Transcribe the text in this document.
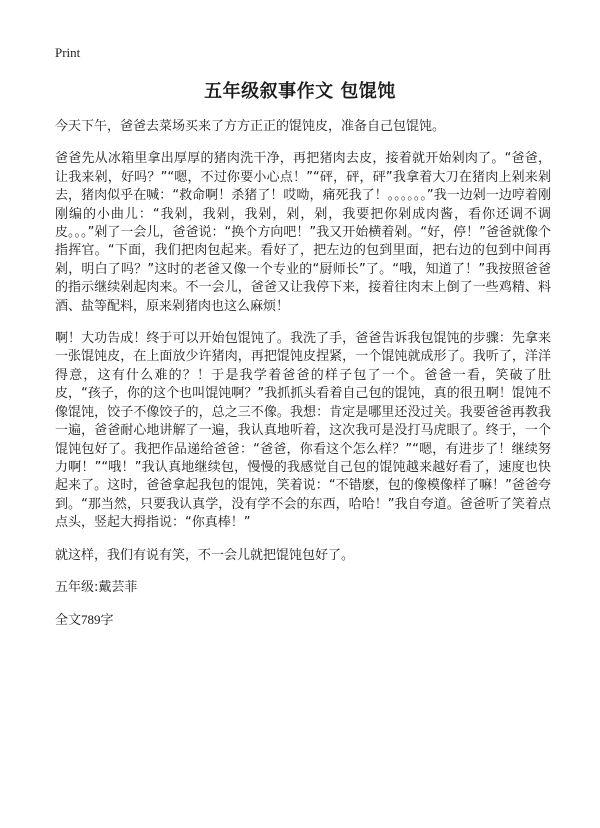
Print
五年级叙事作文 包馄饨

今天下午，爸爸去菜场买来了方方正正的馄饨皮，准备自己包馄饨。

爸爸先从冰箱里拿出厚厚的猪肉洗干净，再把猪肉去皮，接着就开始剁肉了。“爸爸，让我来剁，好吗？”“嗯，不过你要小心点！”“砰，砰，砰”我拿着大刀在猪肉上剁来剁去，猪肉似乎在喊：“救命啊！杀猪了！哎呦，痛死我了！。。。。。。”我一边剁一边哼着刚刚编的小曲儿：“我剁，我剁，我剁，剁，剁，我要把你剁成肉酱，看你还调不调皮。。。”剁了一会儿，爸爸说：“换个方向吧！”我又开始横着剁。“好，停！”爸爸就像个指挥官。“下面，我们把肉包起来。看好了，把左边的包到里面，把右边的包到中间再剁，明白了吗？”这时的老爸又像一个专业的“厨师长”了。“哦，知道了！”我按照爸爸的指示继续剁起肉来。不一会儿，爸爸又让我停下来，接着往肉末上倒了一些鸡精、料酒、盐等配料，原来剁猪肉也这么麻烦！

啊！大功告成！终于可以开始包馄饨了。我洗了手，爸爸告诉我包馄饨的步骤：先拿来一张馄饨皮，在上面放少许猪肉，再把馄饨皮捏紧，一个馄饨就成形了。我听了，洋洋得意，这有什么难的？！于是我学着爸爸的样子包了一个。爸爸一看，笑破了肚皮，“孩子，你的这个也叫馄饨啊？”我抓抓头看着自己包的馄饨，真的很丑啊！馄饨不像馄饨，饺子不像饺子的，总之三不像。我想：肯定是哪里还没过关。我要爸爸再教我一遍，爸爸耐心地讲解了一遍，我认真地听着，这次我可是没打马虎眼了。终于，一个馄饨包好了。我把作品递给爸爸：“爸爸，你看这个怎么样？”“嗯，有进步了！继续努力啊！”“哦！”我认真地继续包，慢慢的我感觉自己包的馄饨越来越好看了，速度也快起来了。这时，爸爸拿起我包的馄饨，笑着说：“不错麽，包的像模像样了嘛！”爸爸夸到。“那当然，只要我认真学，没有学不会的东西，哈哈！”我自夸道。爸爸听了笑着点点头，竖起大拇指说：“你真棒！”

就这样，我们有说有笑，不一会儿就把馄饨包好了。

五年级:戴芸菲
全文789字
